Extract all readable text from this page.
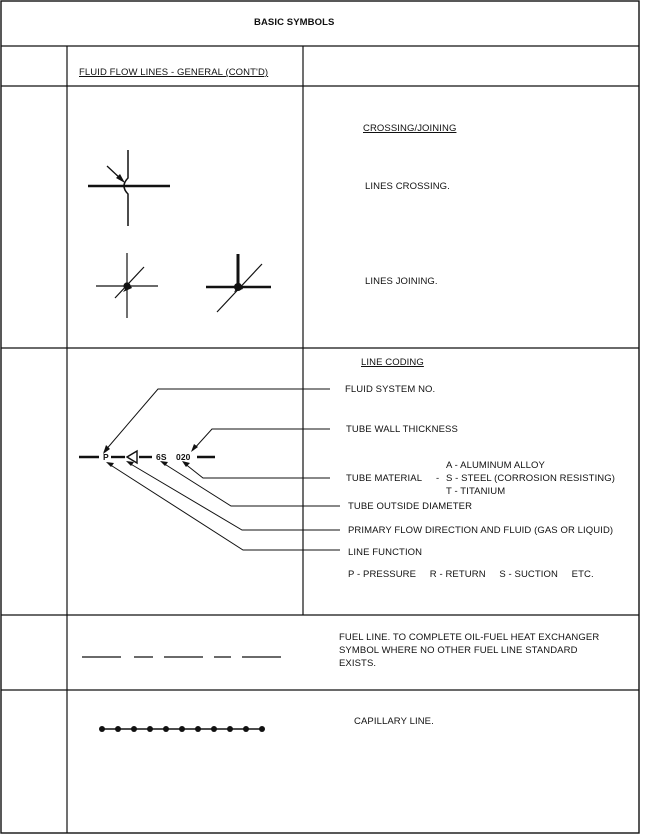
BASIC SYMBOLS
FLUID FLOW LINES - GENERAL (CONT'D)
CROSSING/JOINING
LINES CROSSING.
LINES JOINING.
LINE CODING
P	6S 020
FLUID SYSTEM NO.
TUBE WALL THICKNESS
TUBE MATERIAL -
A - ALUMINUM ALLOY
S - STEEL (CORROSION RESISTING)
T - TITANIUM
TUBE OUTSIDE DIAMETER
PRIMARY FLOW DIRECTION AND FLUID (GAS OR LIQUID)
LINE FUNCTION
P - PRESSURE     R - RETURN     S - SUCTION     ETC.
FUEL LINE. TO COMPLETE OIL-FUEL HEAT EXCHANGER
SYMBOL WHERE NO OTHER FUEL LINE STANDARD
EXISTS.
CAPILLARY LINE.
